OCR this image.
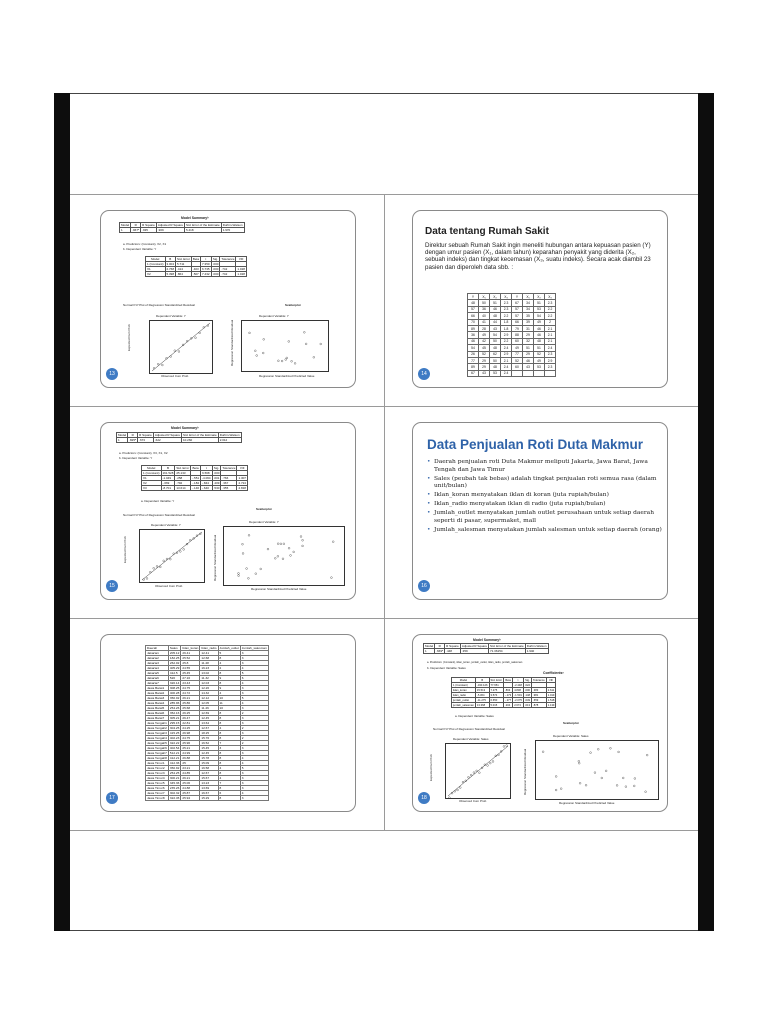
Model Summaryᵇ
Model	R	R Square	Adjusted R Square	Std. Error of the Estimate	Durbin-Watson
1	.967ᵃ	.935	.909	5.418	1.970
a. Predictors: (Constant), X2, X1
b. Dependent Variable: Y
Model	B	Std. Error	Beta	t	Sig.	Tolerance	VIF
1 (Constant)	3.004	5.711		7.350	.000		
X1	2.768	.414	.403	6.735	.000	.742	1.028
X2	5.398	.864	.507	7.432	.000	.742	1.028
Normal P-P Plot of Regression Standardized Residual	Scatterplot
Dependent Variable: Y	Dependent Variable: Y
Observed Cum Prob
Expected Cum Prob
Regression Standardized Predicted Value
Regression Standardized Residual
13
Data tentang Rumah Sakit
Direktur sebuah Rumah Sakit ingin meneliti hubungan antara kepuasan pasien (Y) dengan umur pasien (X₁, dalam tahun) keparahan penyakit yang diderita (X₂, sebuah indeks) dan tingkat kecemasan (X₃, suatu indeks). Secara acak diambil 23 pasien dan diperoleh data sbb. :
Y	X₁	X₂	X₃	Y	X₁	X₂	X₃
48	50	51	2.3	67	34	51	2.3
57	36	46	2.3	57	34	53	2.2
66	40	48	2.2	57	35	54	2.2
70	41	44	1.8	66	39	49	2
89	28	43	1.8	79	31	46	2.1
36	49	54	2.9	88	29	46	2.1
46	42	50	2.2	60	32	48	2.1
54	45	48	2.4	49	51	51	2.4
26	52	62	2.9	77	29	52	2.3
77	29	50	2.1	52	46	49	2.9
89	29	48	2.4	60	43	53	2.3
67	43	53	2.4				
14
Model Summaryᵇ
Model	R	R Square	Adjusted R Square	Std. Error of the Estimate	Durbin-Watson
1	.825ᵃ	.673	.622	10.260	2.012
a. Predictors: (Constant), X3, X1, X2
b. Dependent Variable: Y
Model	B	Std. Error	Beta	t	Sig.	Tolerance	VIF
1 (Constant)	161.528	25.133		6.568	.000		
X1	-1.049	.258	-.551	-4.064	.001	.766	1.307
X2	-.669	.792	-.184	-.844	.409	.367	2.724
X3	-8.701	13.614	-.146	-.640	.530	.355	2.818
a. Dependent Variable: Y
Scatterplot
Normal P-P Plot of Regression Standardized Residual
Dependent Variable: Y
Dependent Variable: Y
Observed Cum Prob
Expected Cum Prob
Regression Standardized Predicted Value
Regression Standardized Residual
15
Data Penjualan Roti Duta Makmur
• Daerah penjualan roti Duta Makmur meliputi Jakarta, Jawa Barat, Jawa Tengah dan Jawa Timur
• Sales (peubah tak bebas) adalah tingkat penjualan roti semua rasa (dalam unit/bulan)
• Iklan_koran menyatakan iklan di koran (juta rupiah/bulan)
• Iklan_radio menyatakan iklan di radio (juta rupiah/bulan)
• Jumlah_outlet menyatakan jumlah outlet perusahaan untuk setiap daerah seperti di pasar, supermaket, mall
• Jumlah_salesman menyatakan jumlah salesman untuk setiap daerah (orang)
16
Daerah	Sales	Iklan_koran	Iklan_radio	Jumlah_outlet	Jumlah_salesman
Jakarta1	205.12	26.41	12.41	5	3
Jakarta2	182.25	25.52	12.68	8	3
Jakarta3	262.02	25.8	11.28	4	3
Jakarta4	405.29	24.55	16.23	2	4
Jakarta5	412.5	25.45	13.02	8	5
Jakarta6	520	27.16	11.32	9	6
Jakarta7	320.14	23.43	12.03	8	4
Jawa Barat1	308.25	24.75	12.26	9	3
Jawa Barat2	400.28	24.72	14.32	4	3
Jawa Barat3	350.02	26.21	12.12	10	5
Jawa Barat4	285.96	25.86	12.05	11	4
Jawa Barat5	254.26	25.68	11.26	10	3
Jawa Barat6	352.16	26.25	12.69	8	2
Jawa Barat7	305.21	26.47	12.45	8	3
Jawa Tengah1	295.15	22.81	13.64	8	3
Jawa Tengah2	304.25	24.25	12.67	4	2
Jawa Tengah3	415.25	26.98	18.25	8	3
Jawa Tengah4	402.23	24.75	15.76	8	2
Jawa Tengah5	322.22	25.96	16.52	7	2
Jawa Tengah6	402.54	25.21	15.45	3	3
Jawa Tengah7	512.21	24.99	12.45	8	3
Jawa Tengah8	412.21	26.88	15.78	8	4
Jawa Timur1	412.36	25	15.09	8	4
Jawa Timur2	350.92	23.21	16.58	4	5
Jawa Timur3	254.25	24.85	12.67	8	3
Jawa Timur4	300.21	26.21	15.67	4	3
Jawa Timur5	345.36	25.06	13.23	7	3
Jawa Timur6	235.26	24.88	13.69	8	3
Jawa Timur7	302.32	25.87	16.67	6	4
Jawa Timur8	322.45	25.94	15.29	8	3
17
Model Summaryᵇ
Model	R	R Square	Adjusted R Square	Std. Error of the Estimate	Durbin-Watson
1	.669ᵃ	.448	.359	71.36154	1.940
a. Predictors: (Constant), iklan_koran, jumlah_outlet, iklan_radio, jumlah_salesman
b. Dependent Variable: Sales
Coefficientsᵃ
Model	B	Std. Error	Beta	t	Sig.	Tolerance	VIF
1 (Constant)	-190.126	77.651		-2.448	.022		
iklan_koran	15.513	7.275	.863	4.838	.000	.383	2.611
iklan_radio	-5.364	3.574	-.173	-1.501	.148	.981	1.019
jumlah_outlet	-11.275	6.650	-.277	-2.075	.049	.659	1.518
jumlah_salesman	13.368	5.015	.204	2.674	.013	.878	1.139
a. Dependent Variable: Sales
Scatterplot
Normal P-P Plot of Regression Standardized Residual
Dependent Variable: Sales
Dependent Variable: Sales
Observed Cum Prob
Expected Cum Prob
Regression Standardized Predicted Value
Regression Standardized Residual
18
